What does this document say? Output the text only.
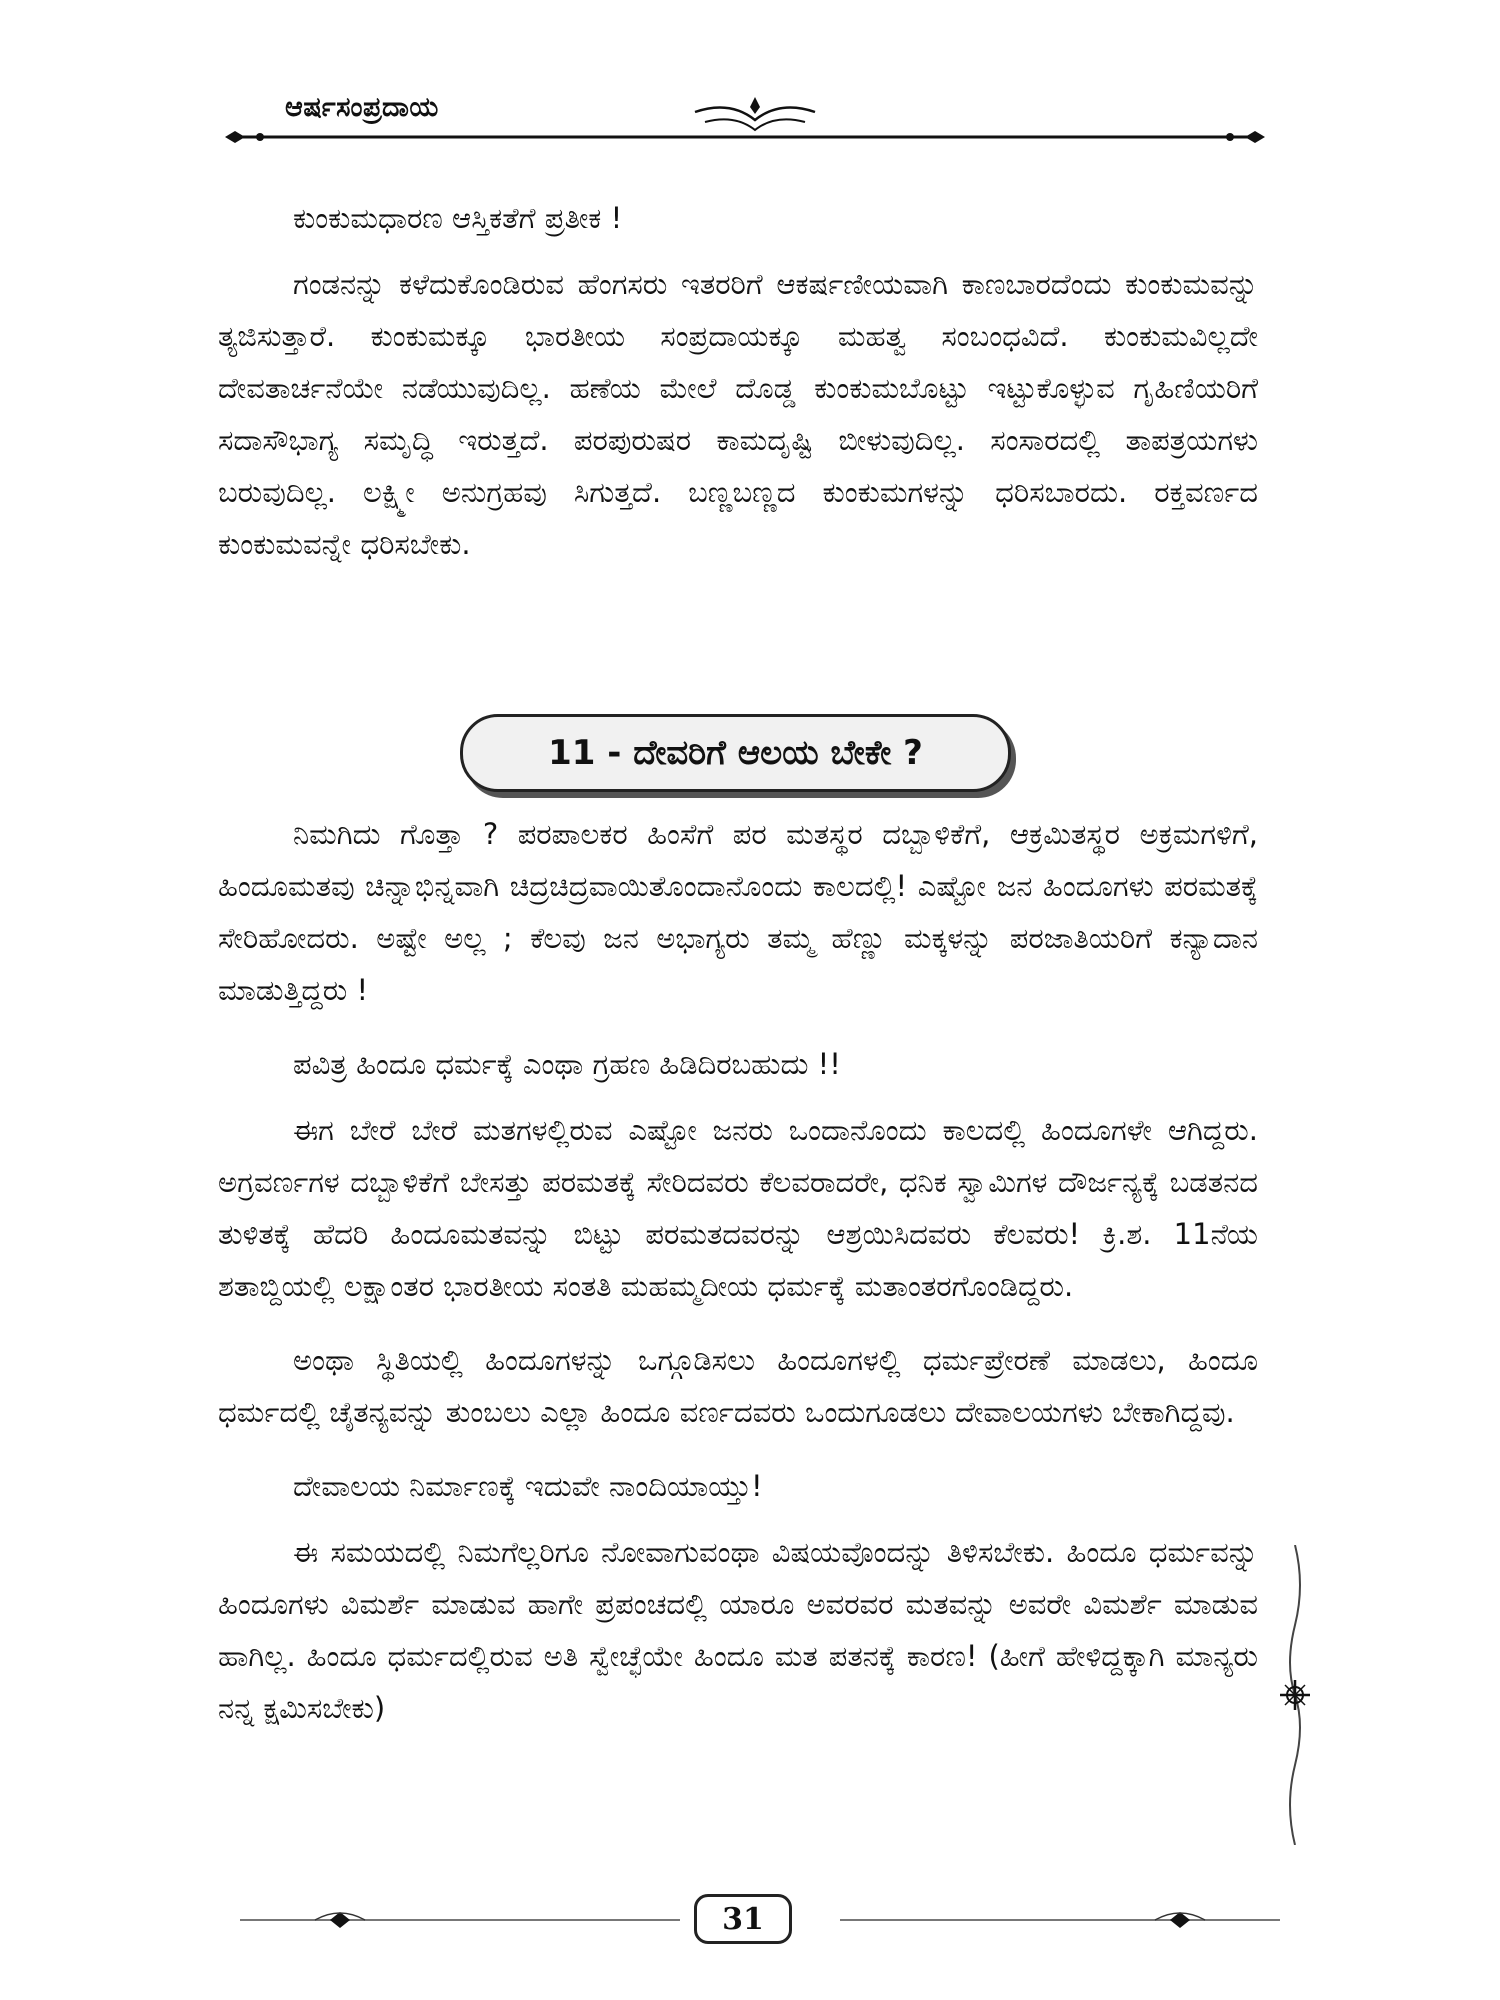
ಆರ್ಷಸಂಪ್ರದಾಯ

ಕುಂಕುಮಧಾರಣ ಆಸ್ತಿಕತೆಗೆ ಪ್ರತೀಕ !

ಗಂಡನನ್ನು ಕಳೆದುಕೊಂಡಿರುವ ಹೆಂಗಸರು ಇತರರಿಗೆ ಆಕರ್ಷಣೀಯವಾಗಿ ಕಾಣಬಾರದೆಂದು ಕುಂಕುಮವನ್ನು ತ್ಯಜಿಸುತ್ತಾರೆ. ಕುಂಕುಮಕ್ಕೂ ಭಾರತೀಯ ಸಂಪ್ರದಾಯಕ್ಕೂ ಮಹತ್ವ ಸಂಬಂಧವಿದೆ. ಕುಂಕುಮವಿಲ್ಲದೇ ದೇವತಾರ್ಚನೆಯೇ ನಡೆಯುವುದಿಲ್ಲ. ಹಣೆಯ ಮೇಲೆ ದೊಡ್ಡ ಕುಂಕುಮಬೊಟ್ಟು ಇಟ್ಟುಕೊಳ್ಳುವ ಗೃಹಿಣಿಯರಿಗೆ ಸದಾಸೌಭಾಗ್ಯ ಸಮೃದ್ಧಿ ಇರುತ್ತದೆ. ಪರಪುರುಷರ ಕಾಮದೃಷ್ಟಿ ಬೀಳುವುದಿಲ್ಲ. ಸಂಸಾರದಲ್ಲಿ ತಾಪತ್ರಯಗಳು ಬರುವುದಿಲ್ಲ. ಲಕ್ಷ್ಮೀ ಅನುಗ್ರಹವು ಸಿಗುತ್ತದೆ. ಬಣ್ಣಬಣ್ಣದ ಕುಂಕುಮಗಳನ್ನು ಧರಿಸಬಾರದು. ರಕ್ತವರ್ಣದ ಕುಂಕುಮವನ್ನೇ ಧರಿಸಬೇಕು.

11 - ದೇವರಿಗೆ ಆಲಯ ಬೇಕೇ ?

ನಿಮಗಿದು ಗೊತ್ತಾ ? ಪರಪಾಲಕರ ಹಿಂಸೆಗೆ ಪರ ಮತಸ್ಥರ ದಬ್ಬಾಳಿಕೆಗೆ, ಆಕ್ರಮಿತಸ್ಥರ ಅಕ್ರಮಗಳಿಗೆ, ಹಿಂದೂಮತವು ಚಿನ್ನಾಭಿನ್ನವಾಗಿ ಚಿದ್ರಚಿದ್ರವಾಯಿತೊಂದಾನೊಂದು ಕಾಲದಲ್ಲಿ! ಎಷ್ಟೋ ಜನ ಹಿಂದೂಗಳು ಪರಮತಕ್ಕೆ ಸೇರಿಹೋದರು. ಅಷ್ಟೇ ಅಲ್ಲ ; ಕೆಲವು ಜನ ಅಭಾಗ್ಯರು ತಮ್ಮ ಹೆಣ್ಣು ಮಕ್ಕಳನ್ನು ಪರಜಾತಿಯರಿಗೆ ಕನ್ಯಾದಾನ ಮಾಡುತ್ತಿದ್ದರು !

ಪವಿತ್ರ ಹಿಂದೂ ಧರ್ಮಕ್ಕೆ ಎಂಥಾ ಗ್ರಹಣ ಹಿಡಿದಿರಬಹುದು !!

ಈಗ ಬೇರೆ ಬೇರೆ ಮತಗಳಲ್ಲಿರುವ ಎಷ್ಟೋ ಜನರು ಒಂದಾನೊಂದು ಕಾಲದಲ್ಲಿ ಹಿಂದೂಗಳೇ ಆಗಿದ್ದರು. ಅಗ್ರವರ್ಣಗಳ ದಬ್ಬಾಳಿಕೆಗೆ ಬೇಸತ್ತು ಪರಮತಕ್ಕೆ ಸೇರಿದವರು ಕೆಲವರಾದರೇ, ಧನಿಕ ಸ್ವಾಮಿಗಳ ದೌರ್ಜನ್ಯಕ್ಕೆ ಬಡತನದ ತುಳಿತಕ್ಕೆ ಹೆದರಿ ಹಿಂದೂಮತವನ್ನು ಬಿಟ್ಟು ಪರಮತದವರನ್ನು ಆಶ್ರಯಿಸಿದವರು ಕೆಲವರು! ಕ್ರಿ.ಶ. 11ನೆಯ ಶತಾಬ್ದಿಯಲ್ಲಿ ಲಕ್ಷಾಂತರ ಭಾರತೀಯ ಸಂತತಿ ಮಹಮ್ಮದೀಯ ಧರ್ಮಕ್ಕೆ ಮತಾಂತರಗೊಂಡಿದ್ದರು.

ಅಂಥಾ ಸ್ಥಿತಿಯಲ್ಲಿ ಹಿಂದೂಗಳನ್ನು ಒಗ್ಗೂಡಿಸಲು ಹಿಂದೂಗಳಲ್ಲಿ ಧರ್ಮಪ್ರೇರಣೆ ಮಾಡಲು, ಹಿಂದೂ ಧರ್ಮದಲ್ಲಿ ಚೈತನ್ಯವನ್ನು ತುಂಬಲು ಎಲ್ಲಾ ಹಿಂದೂ ವರ್ಣದವರು ಒಂದುಗೂಡಲು ದೇವಾಲಯಗಳು ಬೇಕಾಗಿದ್ದವು.

ದೇವಾಲಯ ನಿರ್ಮಾಣಕ್ಕೆ ಇದುವೇ ನಾಂದಿಯಾಯ್ತು!

ಈ ಸಮಯದಲ್ಲಿ ನಿಮಗೆಲ್ಲರಿಗೂ ನೋವಾಗುವಂಥಾ ವಿಷಯವೊಂದನ್ನು ತಿಳಿಸಬೇಕು. ಹಿಂದೂ ಧರ್ಮವನ್ನು ಹಿಂದೂಗಳು ವಿಮರ್ಶೆ ಮಾಡುವ ಹಾಗೇ ಪ್ರಪಂಚದಲ್ಲಿ ಯಾರೂ ಅವರವರ ಮತವನ್ನು ಅವರೇ ವಿಮರ್ಶೆ ಮಾಡುವ ಹಾಗಿಲ್ಲ. ಹಿಂದೂ ಧರ್ಮದಲ್ಲಿರುವ ಅತಿ ಸ್ವೇಚ್ಛೆಯೇ ಹಿಂದೂ ಮತ ಪತನಕ್ಕೆ ಕಾರಣ! (ಹೀಗೆ ಹೇಳಿದ್ದಕ್ಕಾಗಿ ಮಾನ್ಯರು ನನ್ನ ಕ್ಷಮಿಸಬೇಕು)

31
